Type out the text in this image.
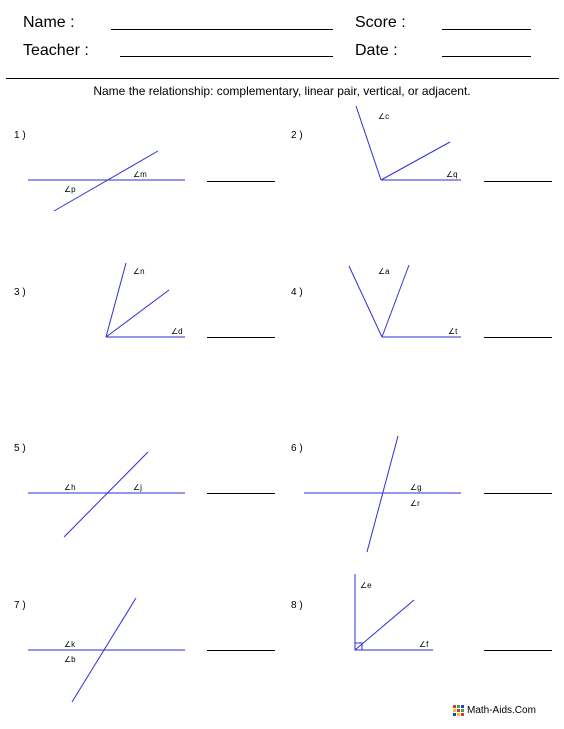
Name :	Score :
Teacher :	Date :
Name the relationship: complementary, linear pair, vertical, or adjacent.
1 )
∠m
∠p
2 )
∠c
∠q
3 )
∠n
∠d
4 )
∠a
∠t
5 )
∠h	∠j
6 )
∠g
∠r
7 )
∠k
∠b
8 )
∠e
∠f
Math-Aids.Com
